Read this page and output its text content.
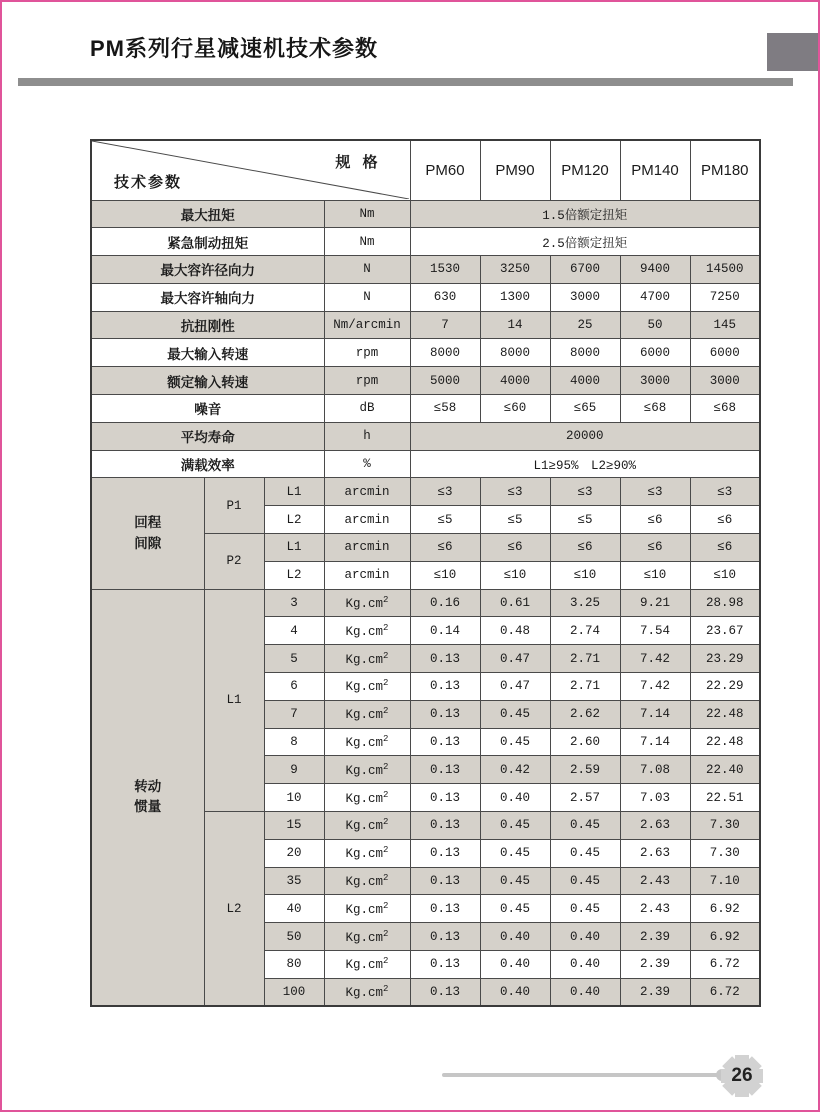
PM系列行星减速机技术参数
规 格
技术参数				PM60	PM90	PM120	PM140	PM180
最大扭矩			Nm	1.5倍额定扭矩				
紧急制动扭矩			Nm	2.5倍额定扭矩				
最大容许径向力			N	1530	3250	6700	9400	14500
最大容许轴向力			N	630	1300	3000	4700	7250
抗扭刚性			Nm/arcmin	7	14	25	50	145
最大输入转速			rpm	8000	8000	8000	6000	6000
额定输入转速			rpm	5000	4000	4000	3000	3000
噪音			dB	≤58	≤60	≤65	≤68	≤68
平均寿命			h	20000				
满载效率			%	L1≥95%　L2≥90%				
回程
间隙	P1	L1	arcmin	≤3	≤3	≤3	≤3	≤3
		L2	arcmin	≤5	≤5	≤5	≤6	≤6
	P2	L1	arcmin	≤6	≤6	≤6	≤6	≤6
		L2	arcmin	≤10	≤10	≤10	≤10	≤10
转动
惯量	L1	3	$Kg.cm^2$	0.16	0.61	3.25	9.21	28.98
		4	$Kg.cm^2$	0.14	0.48	2.74	7.54	23.67
		5	$Kg.cm^2$	0.13	0.47	2.71	7.42	23.29
		6	$Kg.cm^2$	0.13	0.47	2.71	7.42	22.29
		7	$Kg.cm^2$	0.13	0.45	2.62	7.14	22.48
		8	$Kg.cm^2$	0.13	0.45	2.60	7.14	22.48
		9	$Kg.cm^2$	0.13	0.42	2.59	7.08	22.40
		10	$Kg.cm^2$	0.13	0.40	2.57	7.03	22.51
	L2	15	$Kg.cm^2$	0.13	0.45	0.45	2.63	7.30
		20	$Kg.cm^2$	0.13	0.45	0.45	2.63	7.30
		35	$Kg.cm^2$	0.13	0.45	0.45	2.43	7.10
		40	$Kg.cm^2$	0.13	0.45	0.45	2.43	6.92
		50	$Kg.cm^2$	0.13	0.40	0.40	2.39	6.92
		80	$Kg.cm^2$	0.13	0.40	0.40	2.39	6.72
		100	$Kg.cm^2$	0.13	0.40	0.40	2.39	6.72
26
